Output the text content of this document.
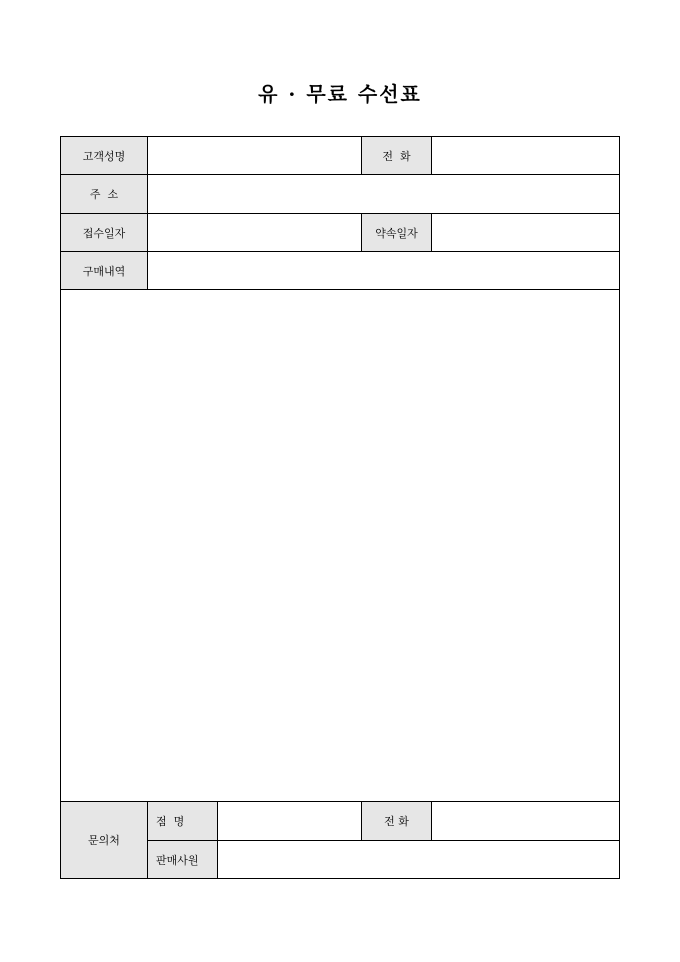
유 · 무료 수선표
고객성명			전  화	
주  소				
접수일자			약속일자	
구매내역				

문의처	점  명		전 화	
	판매사원			
